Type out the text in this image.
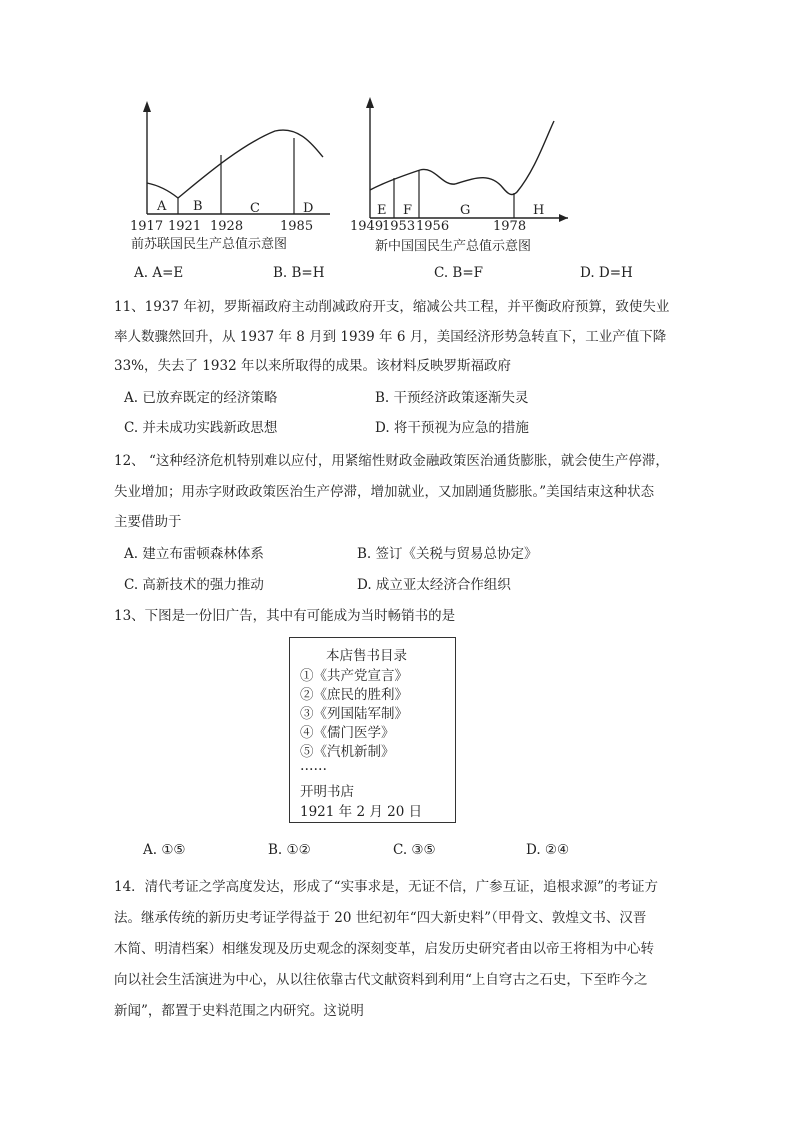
A B	C	D
1917 1921 1928	1985
前苏联国民生产总值示意图
E F	G	H
1949
1953 1956	1978
新中国国民生产总值示意图
A. A=E	B. B=H	C. B=F	D. D=H
11、1937 年初，罗斯福政府主动削减政府开支，缩减公共工程，并平衡政府预算，致使失业
率人数骤然回升，从 1937 年 8 月到 1939 年 6 月，美国经济形势急转直下，工业产值下降
33%，失去了 1932 年以来所取得的成果。该材料反映罗斯福政府
A. 已放弃既定的经济策略	B. 干预经济政策逐渐失灵
C. 并未成功实践新政思想	D. 将干预视为应急的措施
12、 “这种经济危机特别难以应付，用紧缩性财政金融政策医治通货膨胀，就会使生产停滞，
失业增加；用赤字财政政策医治生产停滞，增加就业，又加剧通货膨胀。”美国结束这种状态
主要借助于
A. 建立布雷顿森林体系	B. 签订《关税与贸易总协定》
C. 高新技术的强力推动	D. 成立亚太经济合作组织
13、下图是一份旧广告，其中有可能成为当时畅销书的是
本店售书目录
①《共产党宣言》
②《庶民的胜利》
③《列国陆军制》
④《儒门医学》
⑤《汽机新制》
……
开明书店
1921 年 2 月 20 日
A. ①⑤	B. ①②	C. ③⑤	D. ②④
14．清代考证之学高度发达，形成了“实事求是，无证不信，广参互证，追根求源”的考证方
法。继承传统的新历史考证学得益于 20 世纪初年“四大新史料”（甲骨文、敦煌文书、汉晋
木简、明清档案）相继发现及历史观念的深刻变革，启发历史研究者由以帝王将相为中心转
向以社会生活演进为中心，从以往依靠古代文献资料到利用“上自穹古之石史，下至昨今之
新闻”，都置于史料范围之内研究。这说明
